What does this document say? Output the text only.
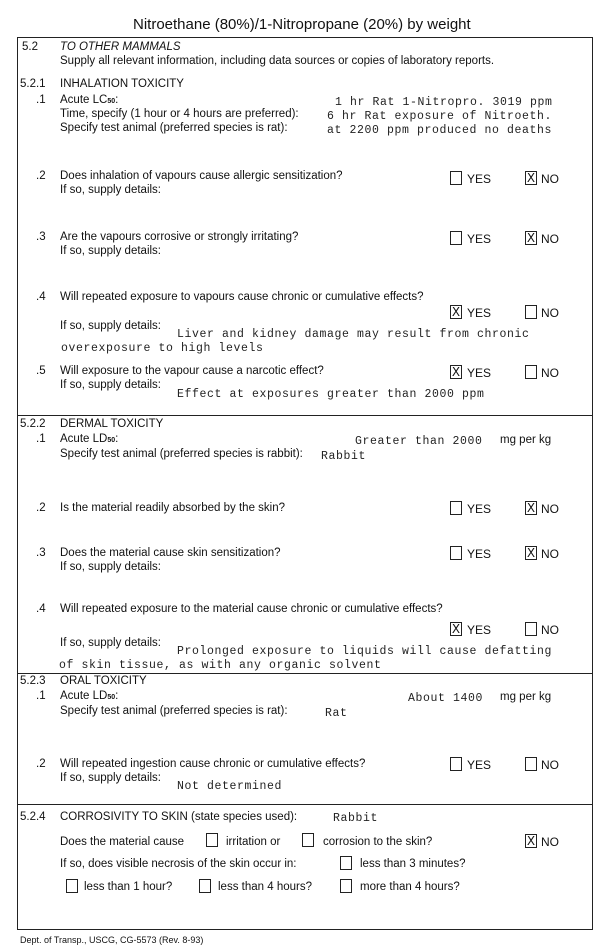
Nitroethane (80%)/1-Nitropropane (20%) by weight
5.2 TO OTHER MAMMALS
Supply all relevant information, including data sources or copies of laboratory reports.
5.2.1 INHALATION TOXICITY
.1 Acute LC50:	1 hr Rat 1-Nitropro. 3019 ppm
Time, specify (1 hour or 4 hours are preferred): 6 hr Rat exposure of Nitroeth.
Specify test animal (preferred species is rat):	at 2200 ppm produced no deaths
.2 Does inhalation of vapours cause allergic sensitization?
If so, supply details:
YES	X NO
.3 Are the vapours corrosive or strongly irritating?
If so, supply details:
YES	X NO
.4 Will repeated exposure to vapours cause chronic or cumulative effects?
X YES	NO
If so, supply details:
Liver and kidney damage may result from chronic
overexposure to high levels
.5 Will exposure to the vapour cause a narcotic effect?
If so, supply details:
Effect at exposures greater than 2000 ppm
X YES	NO
5.2.2 DERMAL TOXICITY
.1 Acute LD50:	Greater than 2000 mg per kg
Specify test animal (preferred species is rabbit): Rabbit
.2 Is the material readily absorbed by the skin?	YES	X NO
.3 Does the material cause skin sensitization?
If so, supply details:
YES	X NO
.4 Will repeated exposure to the material cause chronic or cumulative effects?
X YES	NO
If so, supply details:
Prolonged exposure to liquids will cause defatting
of skin tissue, as with any organic solvent
5.2.3 ORAL TOXICITY
.1 Acute LD50:	About 1400 mg per kg
Specify test animal (preferred species is rat):	Rat
.2 Will repeated ingestion cause chronic or cumulative effects?
If so, supply details:
Not determined
YES	NO
5.2.4 CORROSIVITY TO SKIN (state species used):	Rabbit
Does the material cause	irritation or	corrosion to the skin?	X NO
If so, does visible necrosis of the skin occur in:	less than 3 minutes?
less than 1 hour?	less than 4 hours?	more than 4 hours?
Dept. of Transp., USCG, CG-5573 (Rev. 8-93)
